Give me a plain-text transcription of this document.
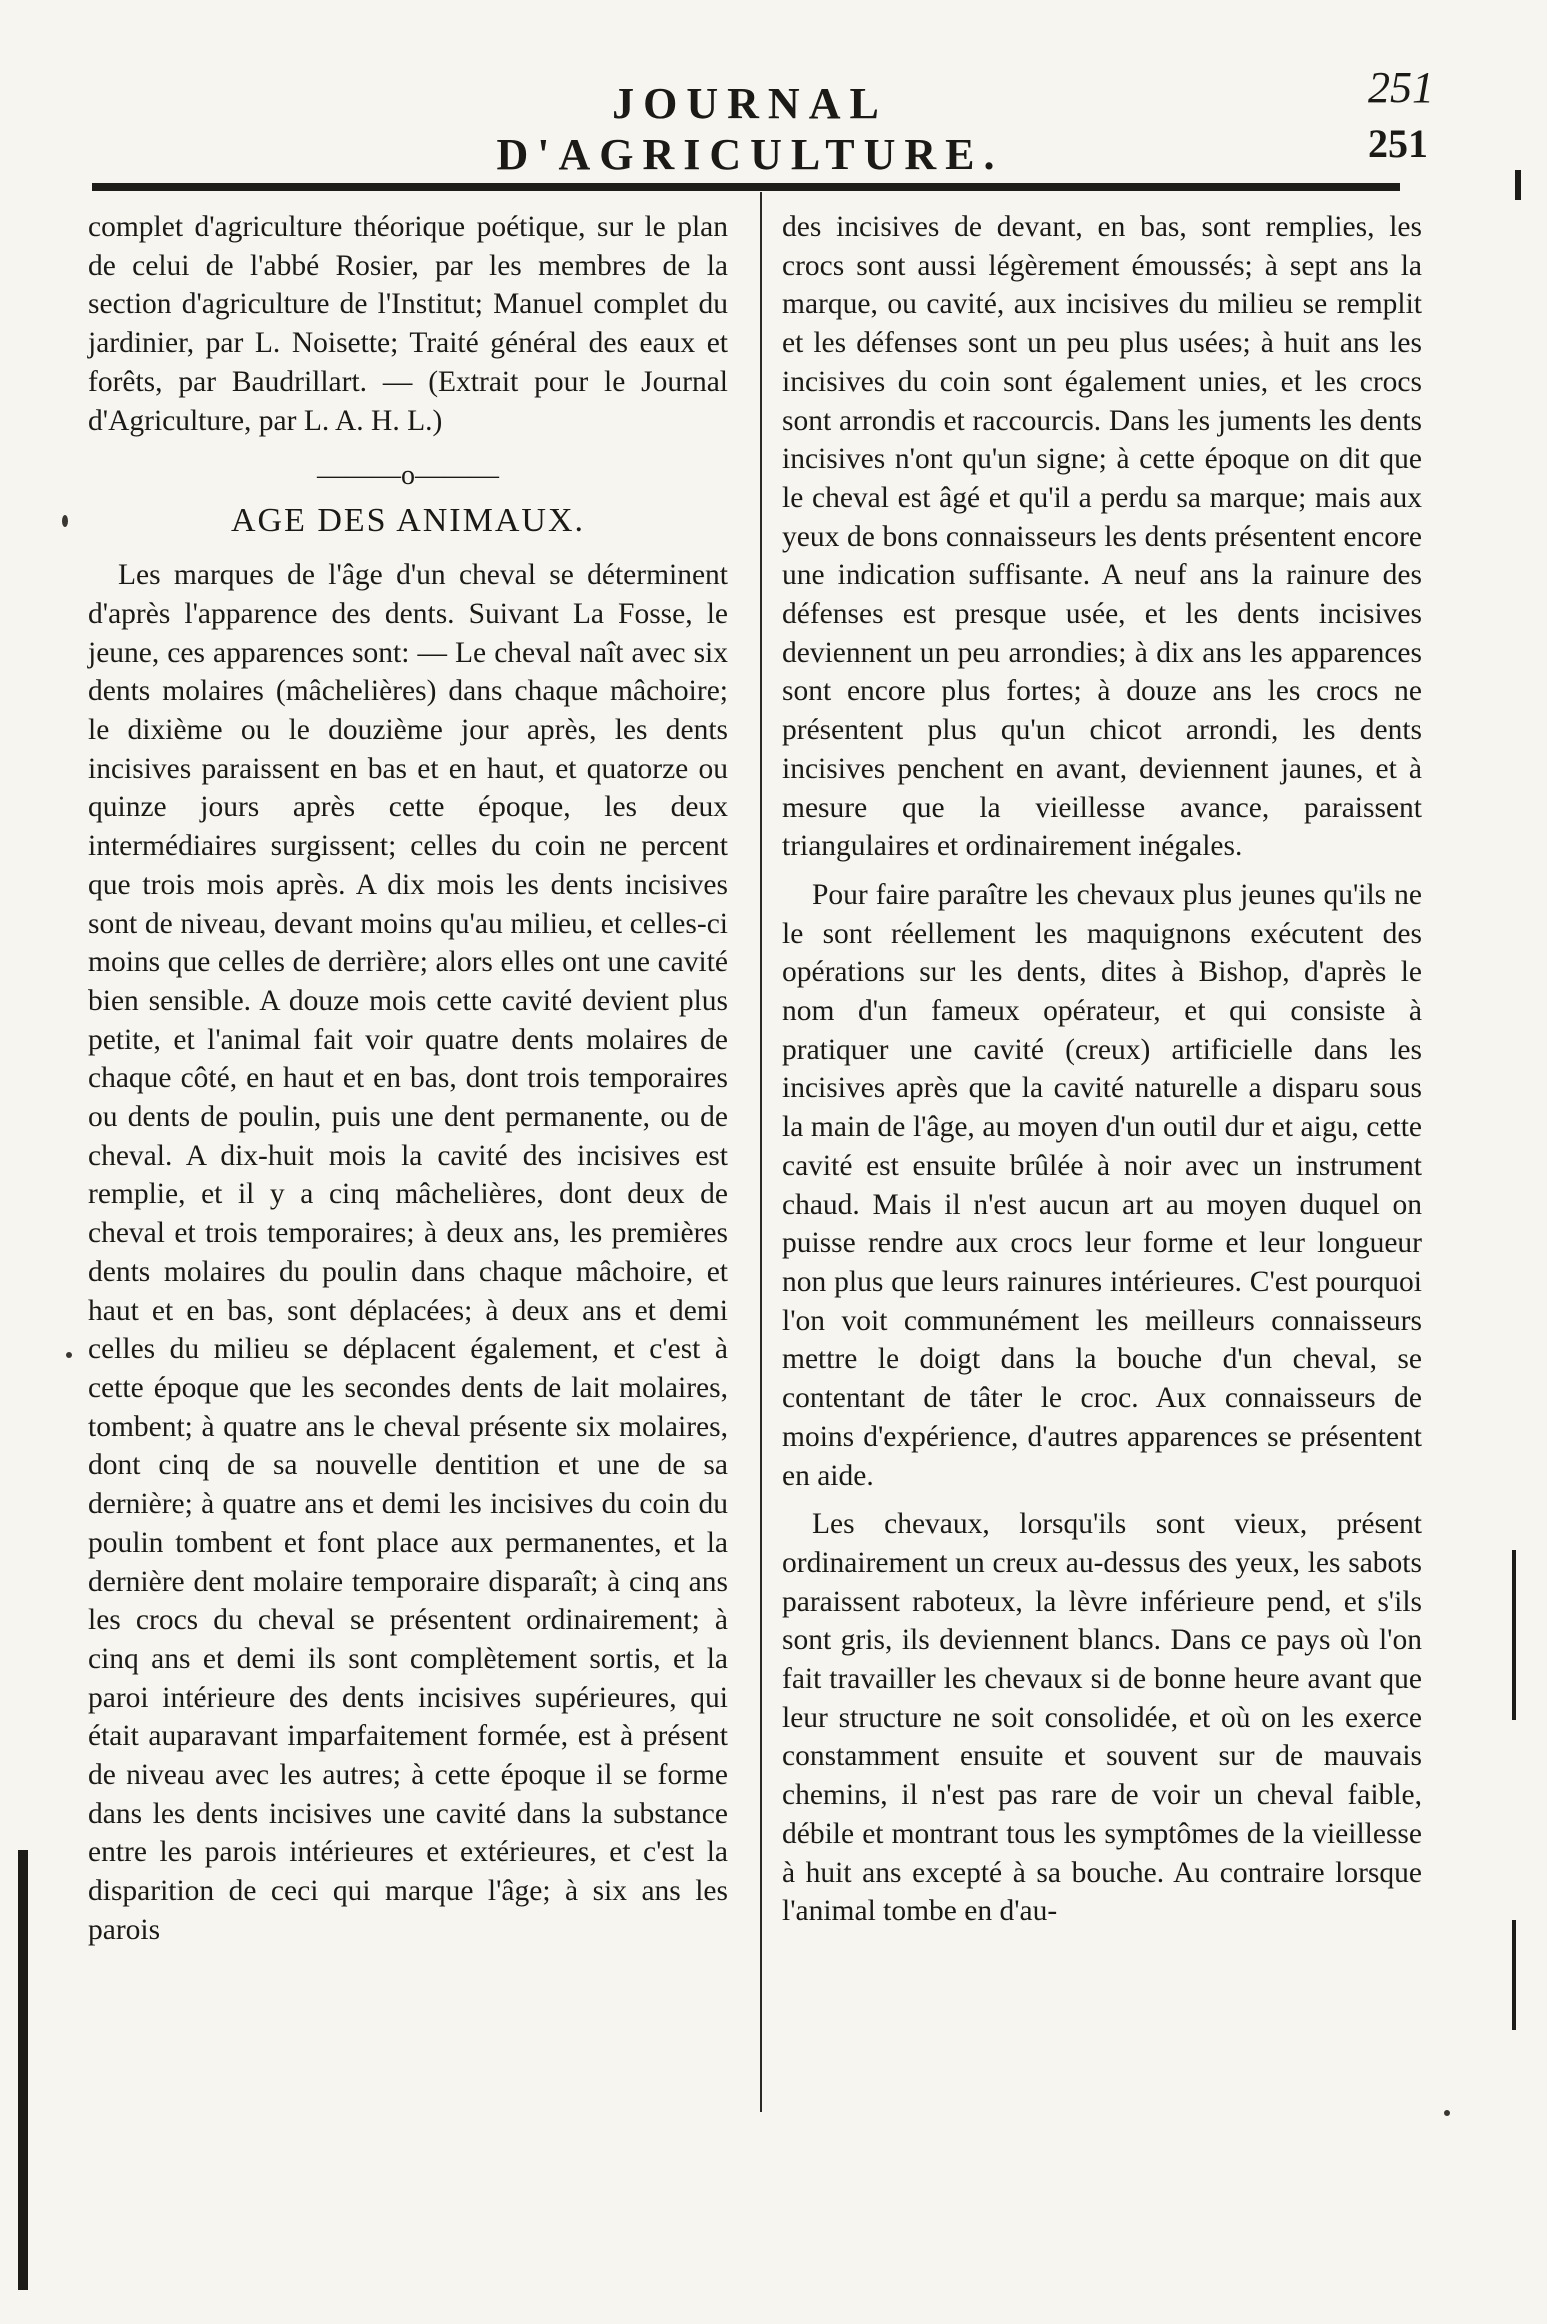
JOURNAL D'AGRICULTURE.
251
251

complet d'agriculture théorique poétique, sur le plan de celui de l'abbé Rosier, par les membres de la section d'agriculture de l'Institut; Manuel complet du jardinier, par L. Noisette; Traité général des eaux et forêts, par Baudrillart. — (Extrait pour le Journal d'Agriculture, par L. A. H. L.)

———o———
AGE DES ANIMAUX.

Les marques de l'âge d'un cheval se déterminent d'après l'apparence des dents. Suivant La Fosse, le jeune, ces apparences sont: — Le cheval naît avec six dents molaires (mâchelières) dans chaque mâchoire; le dixième ou le douzième jour après, les dents incisives paraissent en bas et en haut, et quatorze ou quinze jours après cette époque, les deux intermédiaires surgissent; celles du coin ne percent que trois mois après. A dix mois les dents incisives sont de niveau, devant moins qu'au milieu, et celles-ci moins que celles de derrière; alors elles ont une cavité bien sensible. A douze mois cette cavité devient plus petite, et l'animal fait voir quatre dents molaires de chaque côté, en haut et en bas, dont trois temporaires ou dents de poulin, puis une dent permanente, ou de cheval. A dix-huit mois la cavité des incisives est remplie, et il y a cinq mâchelières, dont deux de cheval et trois temporaires; à deux ans, les premières dents molaires du poulin dans chaque mâchoire, et haut et en bas, sont déplacées; à deux ans et demi celles du milieu se déplacent également, et c'est à cette époque que les secondes dents de lait molaires, tombent; à quatre ans le cheval présente six molaires, dont cinq de sa nouvelle dentition et une de sa dernière; à quatre ans et demi les incisives du coin du poulin tombent et font place aux permanentes, et la dernière dent molaire temporaire disparaît; à cinq ans les crocs du cheval se présentent ordinairement; à cinq ans et demi ils sont complètement sortis, et la paroi intérieure des dents incisives supérieures, qui était auparavant imparfaitement formée, est à présent de niveau avec les autres; à cette époque il se forme dans les dents incisives une cavité dans la substance entre les parois intérieures et extérieures, et c'est la disparition de ceci qui marque l'âge; à six ans les parois

des incisives de devant, en bas, sont remplies, les crocs sont aussi légèrement émoussés; à sept ans la marque, ou cavité, aux incisives du milieu se remplit et les défenses sont un peu plus usées; à huit ans les incisives du coin sont également unies, et les crocs sont arrondis et raccourcis. Dans les juments les dents incisives n'ont qu'un signe; à cette époque on dit que le cheval est âgé et qu'il a perdu sa marque; mais aux yeux de bons connaisseurs les dents présentent encore une indication suffisante. A neuf ans la rainure des défenses est presque usée, et les dents incisives deviennent un peu arrondies; à dix ans les apparences sont encore plus fortes; à douze ans les crocs ne présentent plus qu'un chicot arrondi, les dents incisives penchent en avant, deviennent jaunes, et à mesure que la vieillesse avance, paraissent triangulaires et ordinairement inégales.

Pour faire paraître les chevaux plus jeunes qu'ils ne le sont réellement les maquignons exécutent des opérations sur les dents, dites à Bishop, d'après le nom d'un fameux opérateur, et qui consiste à pratiquer une cavité (creux) artificielle dans les incisives après que la cavité naturelle a disparu sous la main de l'âge, au moyen d'un outil dur et aigu, cette cavité est ensuite brûlée à noir avec un instrument chaud. Mais il n'est aucun art au moyen duquel on puisse rendre aux crocs leur forme et leur longueur non plus que leurs rainures intérieures. C'est pourquoi l'on voit communément les meilleurs connaisseurs mettre le doigt dans la bouche d'un cheval, se contentant de tâter le croc. Aux connaisseurs de moins d'expérience, d'autres apparences se présentent en aide.

Les chevaux, lorsqu'ils sont vieux, présent ordinairement un creux au-dessus des yeux, les sabots paraissent raboteux, la lèvre inférieure pend, et s'ils sont gris, ils deviennent blancs. Dans ce pays où l'on fait travailler les chevaux si de bonne heure avant que leur structure ne soit consolidée, et où on les exerce constamment ensuite et souvent sur de mauvais chemins, il n'est pas rare de voir un cheval faible, débile et montrant tous les symptômes de la vieillesse à huit ans excepté à sa bouche. Au contraire lorsque l'animal tombe en d'au-
